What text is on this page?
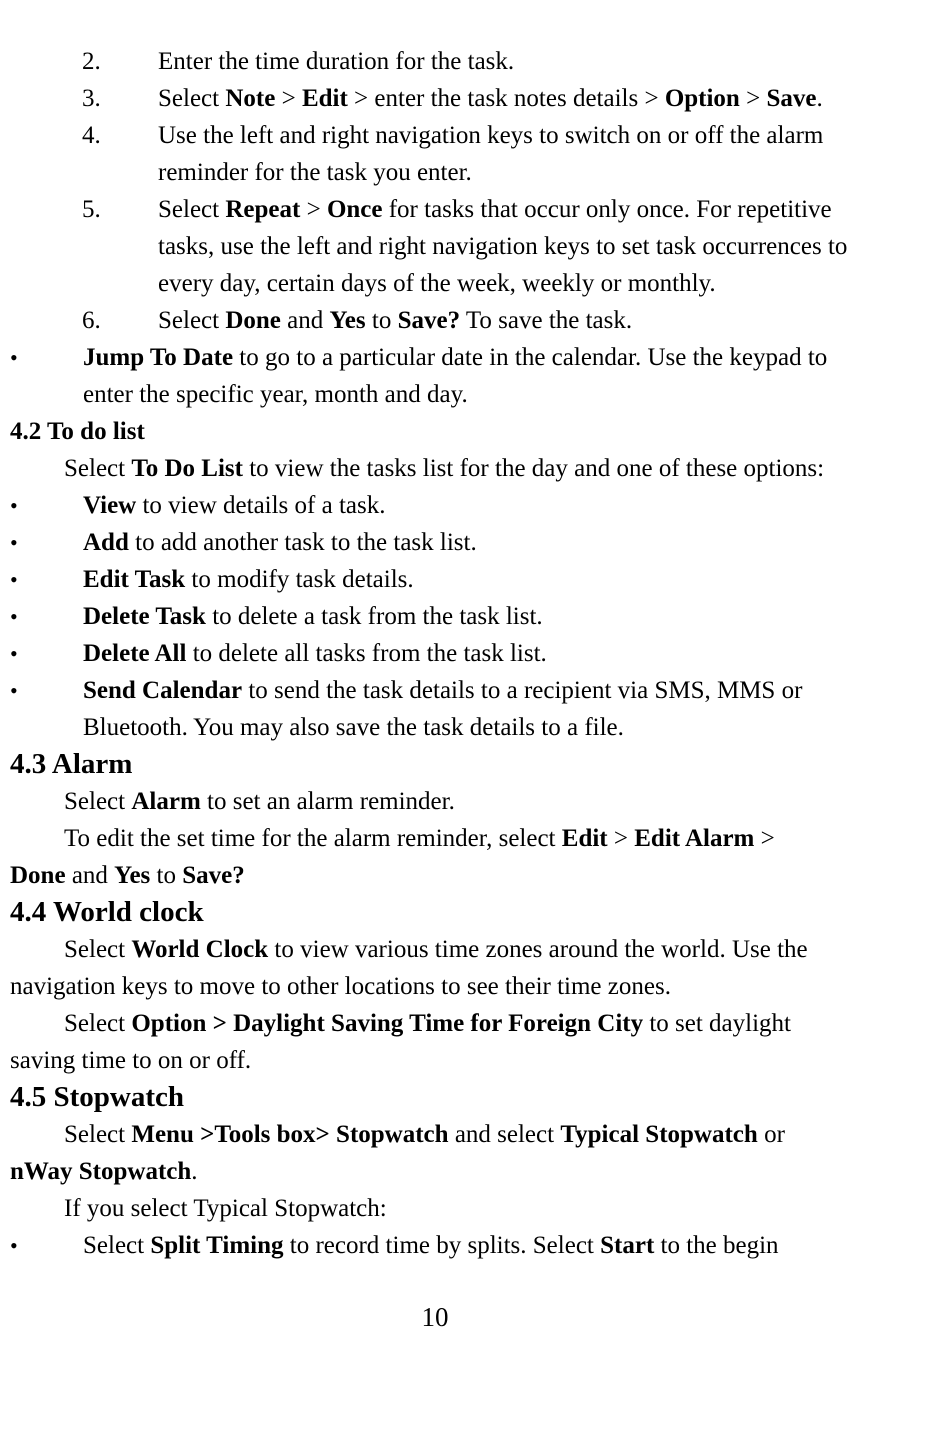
2. Enter the time duration for the task.
3. Select Note > Edit > enter the task notes details > Option > Save.
4. Use the left and right navigation keys to switch on or off the alarm reminder for the task you enter.
5. Select Repeat > Once for tasks that occur only once. For repetitive tasks, use the left and right navigation keys to set task occurrences to every day, certain days of the week, weekly or monthly.
6. Select Done and Yes to Save? To save the task.
•	Jump To Date to go to a particular date in the calendar. Use the keypad to enter the specific year, month and day.
4.2 To do list
Select To Do List to view the tasks list for the day and one of these options:
•	View to view details of a task.
•	Add to add another task to the task list.
•	Edit Task to modify task details.
•	Delete Task to delete a task from the task list.
•	Delete All to delete all tasks from the task list.
•	Send Calendar to send the task details to a recipient via SMS, MMS or Bluetooth. You may also save the task details to a file.
4.3 Alarm
Select Alarm to set an alarm reminder.
To edit the set time for the alarm reminder, select Edit > Edit Alarm >
Done and Yes to Save?
4.4 World clock
Select World Clock to view various time zones around the world. Use the
navigation keys to move to other locations to see their time zones.
Select Option > Daylight Saving Time for Foreign City to set daylight
saving time to on or off.
4.5 Stopwatch
Select Menu >Tools box> Stopwatch and select Typical Stopwatch or
nWay Stopwatch.
If you select Typical Stopwatch:
•	Select Split Timing to record time by splits. Select Start to the begin
10
